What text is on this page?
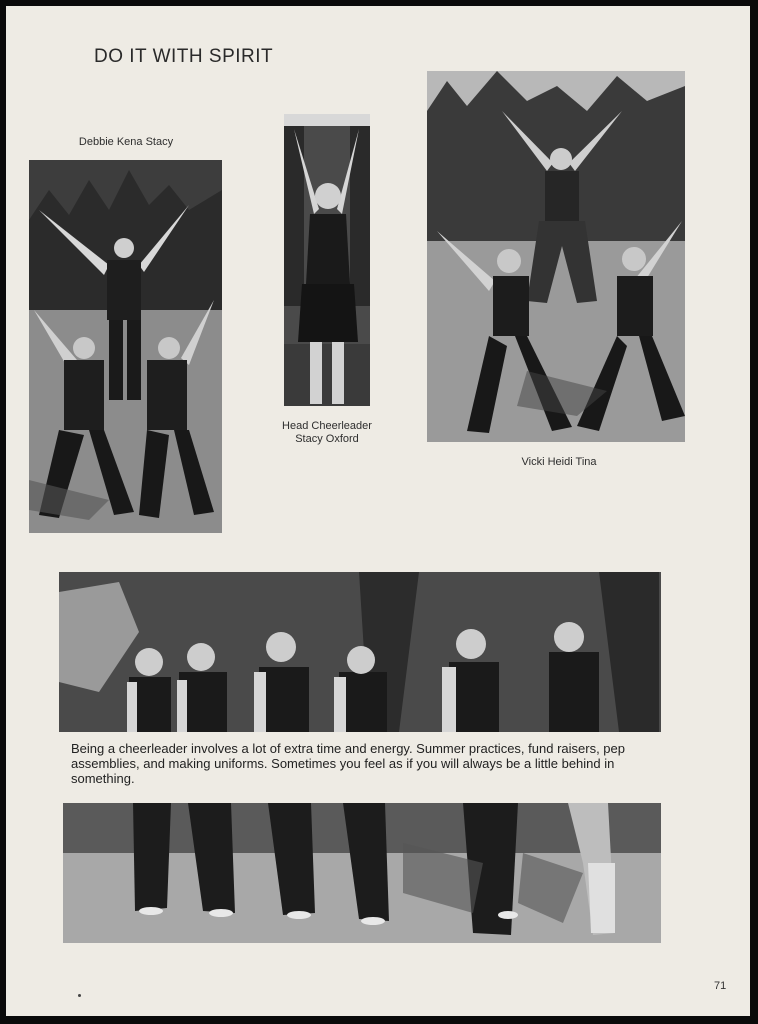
DO IT WITH SPIRIT
Debbie Kena Stacy
Head Cheerleader
Stacy Oxford
Vicki Heidi Tina
Being a cheerleader involves a lot of extra time and energy. Summer practices, fund raisers, pep assemblies, and making uniforms. Sometimes you feel as if you will always be a little behind in something.
71
